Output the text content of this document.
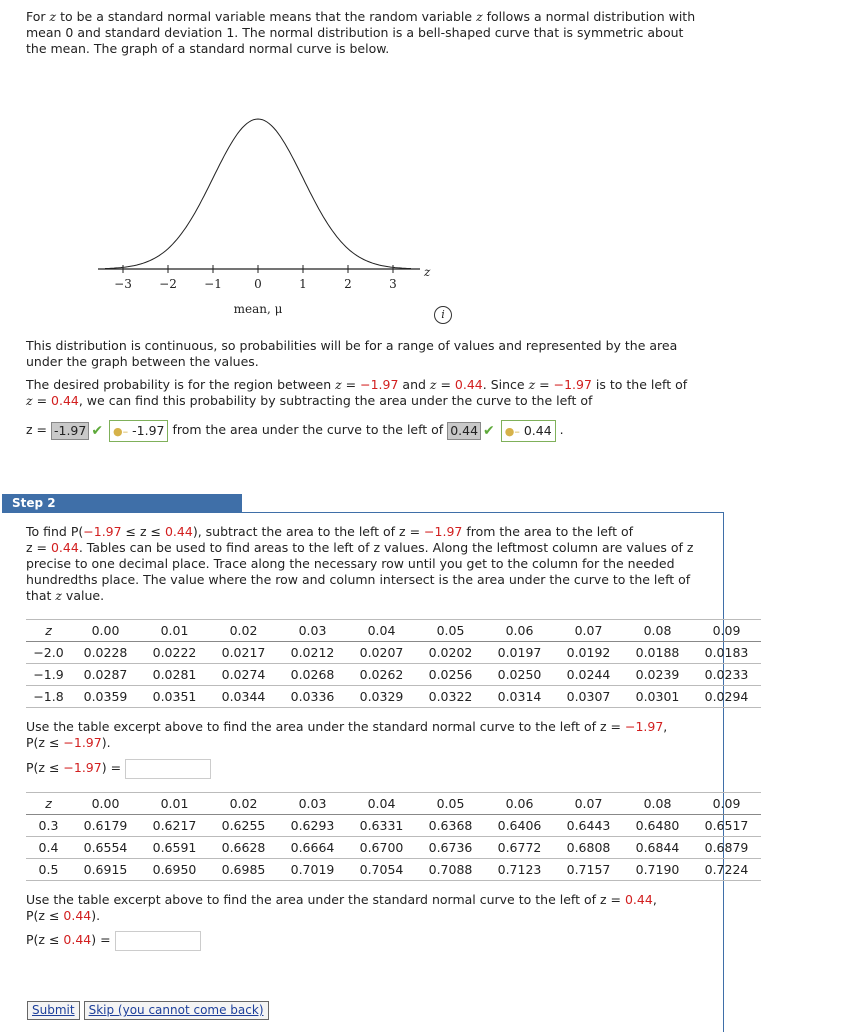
For z to be a standard normal variable means that the random variable z follows a normal distribution with
mean 0 and standard deviation 1. The normal distribution is a bell-shaped curve that is symmetric about
the mean. The graph of a standard normal curve is below.
−3 −2 −1	0	1	2	3
z
mean, μ	i
This distribution is continuous, so probabilities will be for a range of values and represented by the area
under the graph between the values.
The desired probability is for the region between z = −1.97 and z = 0.44. Since z = −1.97 is to the left of
z = 0.44, we can find this probability by subtracting the area under the curve to the left of
z = -1.97 ✔ ●– -1.97 from the area under the curve to the left of 0.44 ✔ ●– 0.44 .
Step 2
To find P(−1.97 ≤ z ≤ 0.44), subtract the area to the left of z = −1.97 from the area to the left of
z = 0.44. Tables can be used to find areas to the left of z values. Along the leftmost column are values of z
precise to one decimal place. Trace along the necessary row until you get to the column for the needed
hundredths place. The value where the row and column intersect is the area under the curve to the left of
that z value.
z	0.00	0.01	0.02	0.03	0.04	0.05	0.06	0.07	0.08	0.09
−2.0	0.0228	0.0222	0.0217	0.0212	0.0207	0.0202	0.0197	0.0192	0.0188	0.0183
−1.9	0.0287	0.0281	0.0274	0.0268	0.0262	0.0256	0.0250	0.0244	0.0239	0.0233
−1.8	0.0359	0.0351	0.0344	0.0336	0.0329	0.0322	0.0314	0.0307	0.0301	0.0294
Use the table excerpt above to find the area under the standard normal curve to the left of z = −1.97,
P(z ≤ −1.97).
P(z ≤ −1.97) =
z	0.00	0.01	0.02	0.03	0.04	0.05	0.06	0.07	0.08	0.09
0.3	0.6179	0.6217	0.6255	0.6293	0.6331	0.6368	0.6406	0.6443	0.6480	0.6517
0.4	0.6554	0.6591	0.6628	0.6664	0.6700	0.6736	0.6772	0.6808	0.6844	0.6879
0.5	0.6915	0.6950	0.6985	0.7019	0.7054	0.7088	0.7123	0.7157	0.7190	0.7224
Use the table excerpt above to find the area under the standard normal curve to the left of z = 0.44,
P(z ≤ 0.44).
P(z ≤ 0.44) =
Submit Skip (you cannot come back)
